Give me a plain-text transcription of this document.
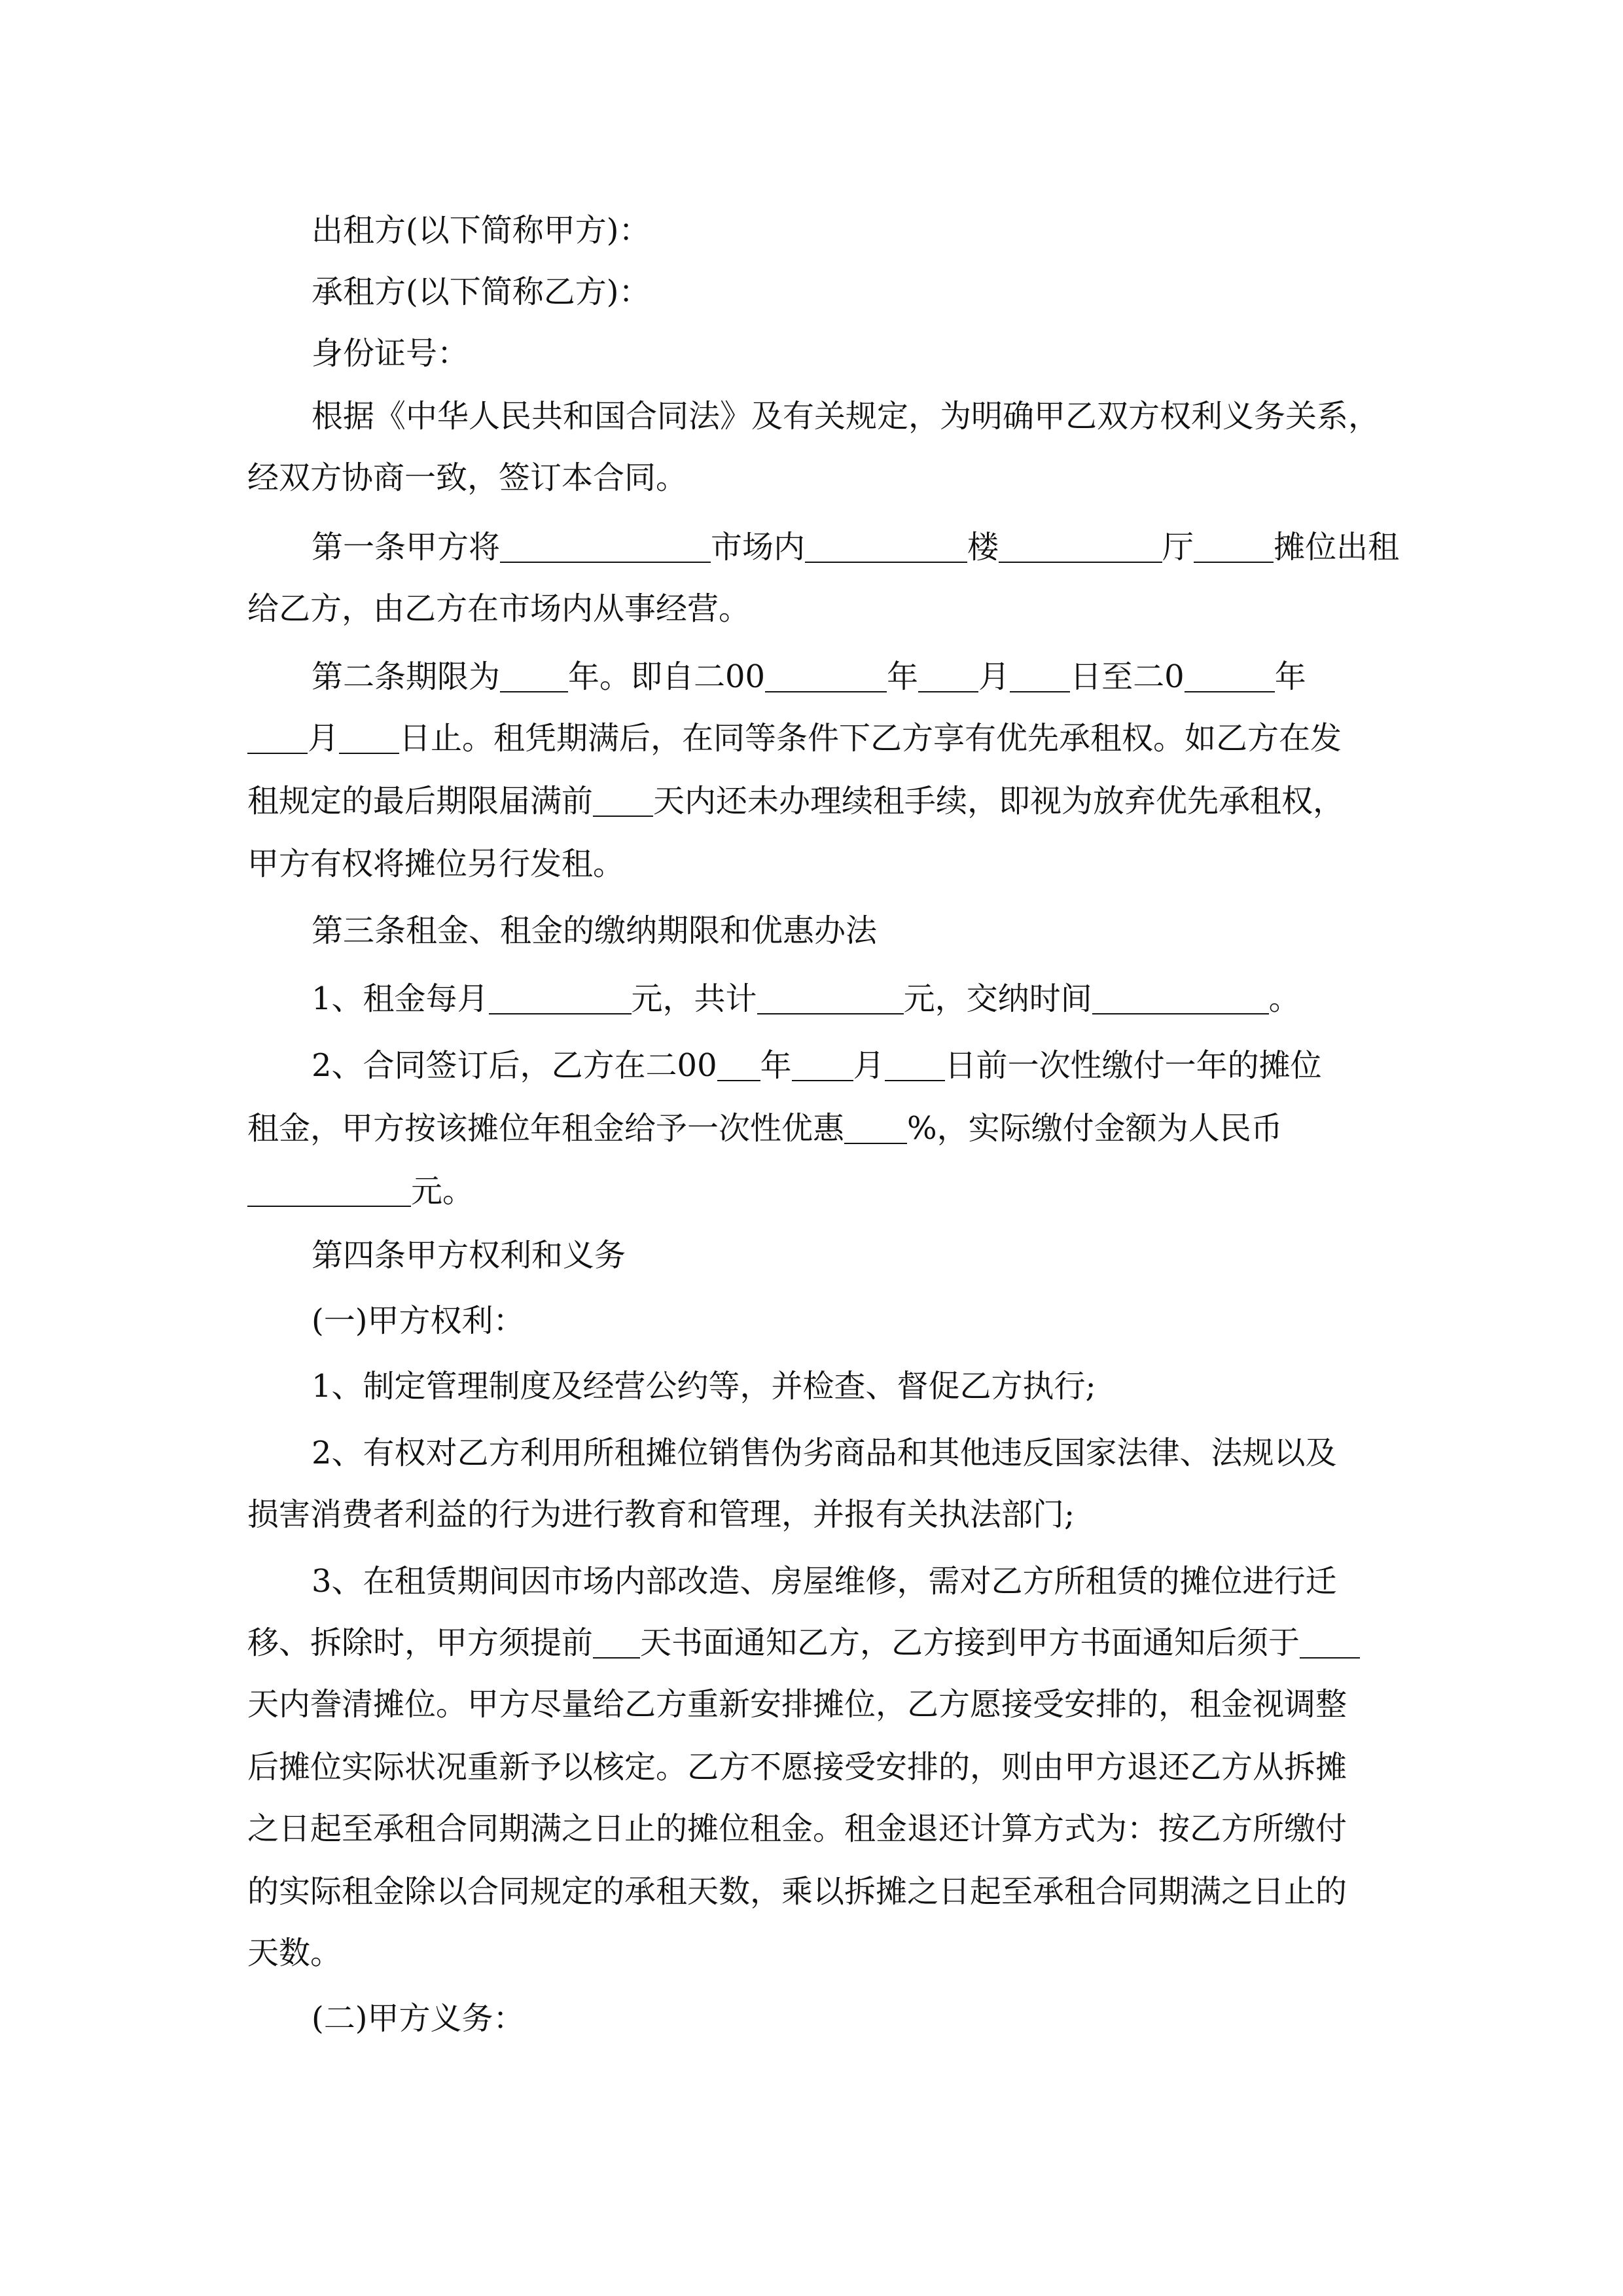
出租方(以下简称甲方)：

承租方(以下简称乙方)：

身份证号：

根据《中华人民共和国合同法》及有关规定，为明确甲乙双方权利义务关系，

经双方协商一致，签订本合同。

第一条甲方将	市场内	楼	厅	摊位出租

给乙方，由乙方在市场内从事经营。

第二条期限为 年。即自二00	年 月 日至二0	年

月 日止。租凭期满后，在同等条件下乙方享有优先承租权。如乙方在发

租规定的最后期限届满前 天内还未办理续租手续，即视为放弃优先承租权，

甲方有权将摊位另行发租。

第三条租金、租金的缴纳期限和优惠办法

1、租金每月	元，共计	元，交纳时间	。

2、合同签订后，乙方在二00 年 月 日前一次性缴付一年的摊位

租金，甲方按该摊位年租金给予一次性优惠 %，实际缴付金额为人民币

元。

第四条甲方权利和义务

(一)甲方权利：

1、制定管理制度及经营公约等，并检查、督促乙方执行;

2、有权对乙方利用所租摊位销售伪劣商品和其他违反国家法律、法规以及

损害消费者利益的行为进行教育和管理，并报有关执法部门;

3、在租赁期间因市场内部改造、房屋维修，需对乙方所租赁的摊位进行迁

移、拆除时，甲方须提前 天书面通知乙方，乙方接到甲方书面通知后须于

天内誊清摊位。甲方尽量给乙方重新安排摊位，乙方愿接受安排的，租金视调整

后摊位实际状况重新予以核定。乙方不愿接受安排的，则由甲方退还乙方从拆摊

之日起至承租合同期满之日止的摊位租金。租金退还计算方式为：按乙方所缴付

的实际租金除以合同规定的承租天数，乘以拆摊之日起至承租合同期满之日止的

天数。

(二)甲方义务：
